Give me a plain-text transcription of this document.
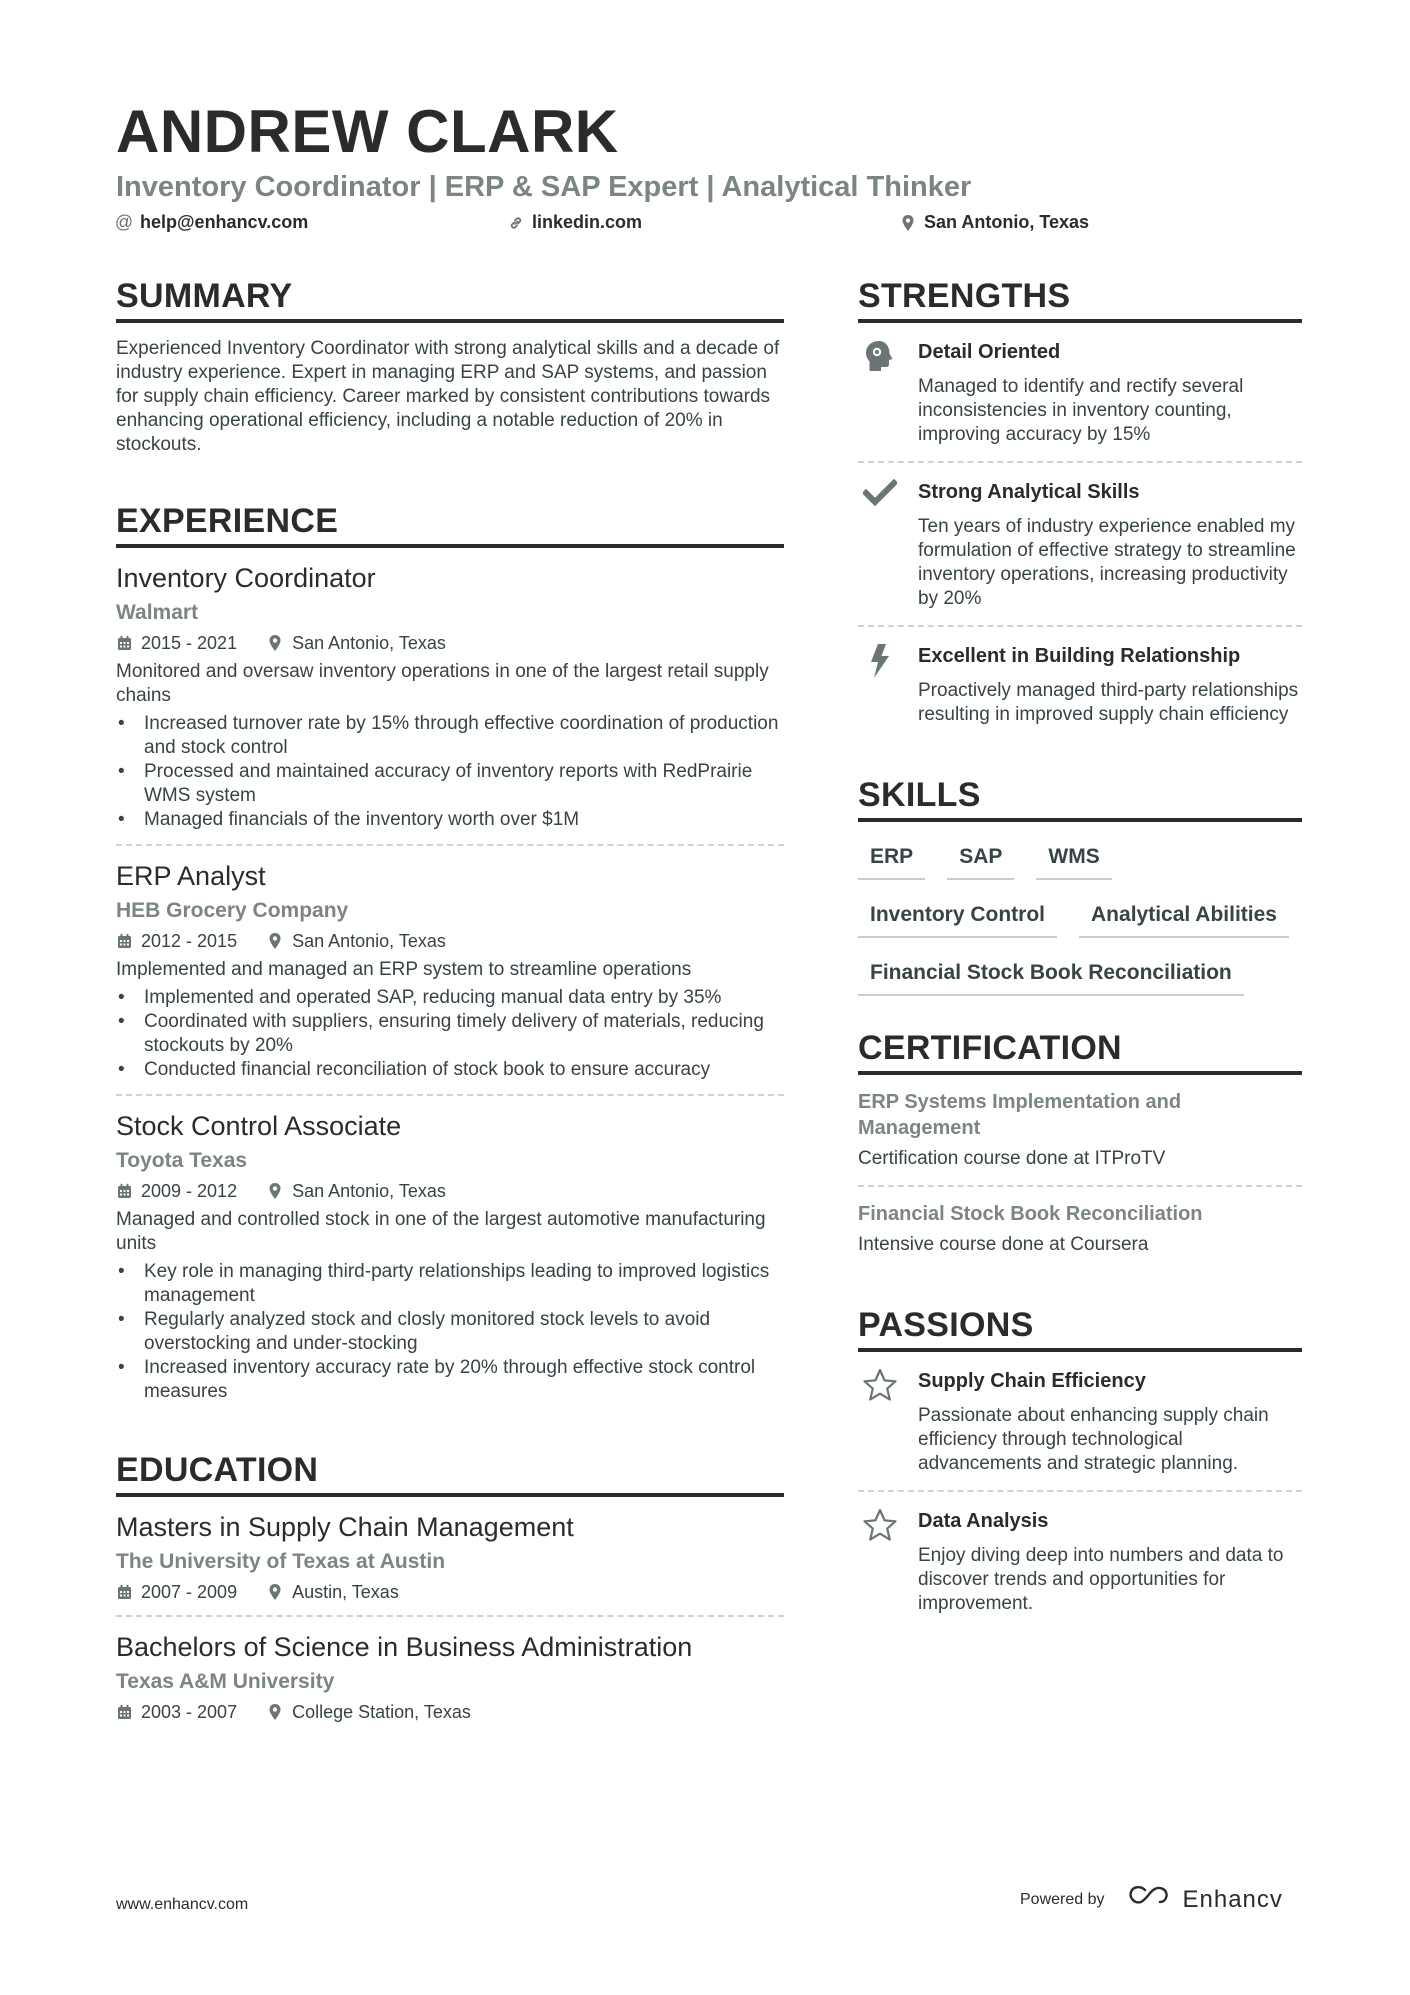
ANDREW CLARK
Inventory Coordinator | ERP & SAP Expert | Analytical Thinker
@ help@enhancv.com	linkedin.com	San Antonio, Texas
SUMMARY
Experienced Inventory Coordinator with strong analytical skills and a decade of industry experience. Expert in managing ERP and SAP systems, and passion for supply chain efficiency. Career marked by consistent contributions towards enhancing operational efficiency, including a notable reduction of 20% in stockouts.
EXPERIENCE
Inventory Coordinator
Walmart
2015 - 2021	San Antonio, Texas
Monitored and oversaw inventory operations in one of the largest retail supply chains
• Increased turnover rate by 15% through effective coordination of production and stock control
• Processed and maintained accuracy of inventory reports with RedPrairie WMS system
• Managed financials of the inventory worth over $1M
ERP Analyst
HEB Grocery Company
2012 - 2015	San Antonio, Texas
Implemented and managed an ERP system to streamline operations
• Implemented and operated SAP, reducing manual data entry by 35%
• Coordinated with suppliers, ensuring timely delivery of materials, reducing stockouts by 20%
• Conducted financial reconciliation of stock book to ensure accuracy
Stock Control Associate
Toyota Texas
2009 - 2012	San Antonio, Texas
Managed and controlled stock in one of the largest automotive manufacturing units
• Key role in managing third-party relationships leading to improved logistics management
• Regularly analyzed stock and closly monitored stock levels to avoid overstocking and under-stocking
• Increased inventory accuracy rate by 20% through effective stock control measures
EDUCATION
Masters in Supply Chain Management
The University of Texas at Austin
2007 - 2009	Austin, Texas
Bachelors of Science in Business Administration
Texas A&M University
2003 - 2007	College Station, Texas
STRENGTHS
Detail Oriented
Managed to identify and rectify several inconsistencies in inventory counting, improving accuracy by 15%
Strong Analytical Skills
Ten years of industry experience enabled my formulation of effective strategy to streamline inventory operations, increasing productivity by 20%
Excellent in Building Relationship
Proactively managed third-party relationships resulting in improved supply chain efficiency
SKILLS
ERP	SAP	WMS
Inventory Control	Analytical Abilities
Financial Stock Book Reconciliation
CERTIFICATION
ERP Systems Implementation and Management
Certification course done at ITProTV
Financial Stock Book Reconciliation
Intensive course done at Coursera
PASSIONS
Supply Chain Efficiency
Passionate about enhancing supply chain efficiency through technological advancements and strategic planning.
Data Analysis
Enjoy diving deep into numbers and data to discover trends and opportunities for improvement.
www.enhancv.com	Powered by	Enhancv
